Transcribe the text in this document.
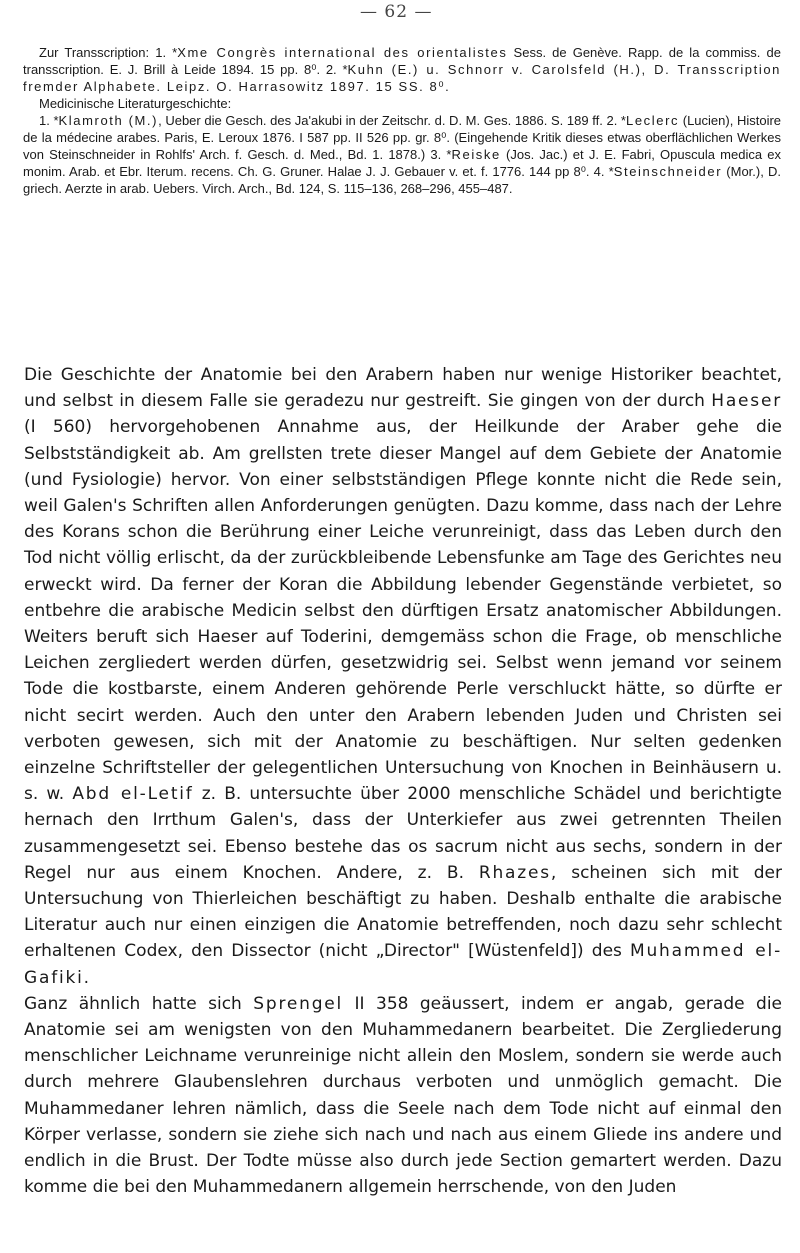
— 62 —

Zur Transscription: 1. *Xme Congrès international des orientalistes Sess. de Genève. Rapp. de la commiss. de transscription. E. J. Brill à Leide 1894. 15 pp. 8⁰. 2. *Kuhn (E.) u. Schnorr v. Carolsfeld (H.), D. Transscription fremder Alphabete. Leipz. O. Harrasowitz 1897. 15 SS. 8⁰.

Medicinische Literaturgeschichte:

1. *Klamroth (M.), Ueber die Gesch. des Ja'akubi in der Zeitschr. d. D. M. Ges. 1886. S. 189 ff. 2. *Leclerc (Lucien), Histoire de la médecine arabes. Paris, E. Leroux 1876. I 587 pp. II 526 pp. gr. 8⁰. (Eingehende Kritik dieses etwas oberflächlichen Werkes von Steinschneider in Rohlfs' Arch. f. Gesch. d. Med., Bd. 1. 1878.) 3. *Reiske (Jos. Jac.) et J. E. Fabri, Opuscula medica ex monim. Arab. et Ebr. Iterum. recens. Ch. G. Gruner. Halae J. J. Gebauer v. et. f. 1776. 144 pp 8⁰. 4. *Steinschneider (Mor.), D. griech. Aerzte in arab. Uebers. Virch. Arch., Bd. 124, S. 115–136, 268–296, 455–487.

Die Geschichte der Anatomie bei den Arabern haben nur wenige Historiker beachtet, und selbst in diesem Falle sie geradezu nur gestreift. Sie gingen von der durch Haeser (I 560) hervorgehobenen Annahme aus, der Heilkunde der Araber gehe die Selbstständigkeit ab. Am grellsten trete dieser Mangel auf dem Gebiete der Anatomie (und Fysiologie) hervor. Von einer selbstständigen Pflege konnte nicht die Rede sein, weil Galen's Schriften allen Anforderungen genügten. Dazu komme, dass nach der Lehre des Korans schon die Berührung einer Leiche verunreinigt, dass das Leben durch den Tod nicht völlig erlischt, da der zurückbleibende Lebensfunke am Tage des Gerichtes neu erweckt wird. Da ferner der Koran die Abbildung lebender Gegenstände verbietet, so entbehre die arabische Medicin selbst den dürftigen Ersatz anatomischer Abbildungen. Weiters beruft sich Haeser auf Toderini, demgemäss schon die Frage, ob menschliche Leichen zergliedert werden dürfen, gesetzwidrig sei. Selbst wenn jemand vor seinem Tode die kostbarste, einem Anderen gehörende Perle verschluckt hätte, so dürfte er nicht secirt werden. Auch den unter den Arabern lebenden Juden und Christen sei verboten gewesen, sich mit der Anatomie zu beschäftigen. Nur selten gedenken einzelne Schriftsteller der gelegentlichen Untersuchung von Knochen in Beinhäusern u. s. w. Abd el-Letif z. B. untersuchte über 2000 menschliche Schädel und berichtigte hernach den Irrthum Galen's, dass der Unterkiefer aus zwei getrennten Theilen zusammengesetzt sei. Ebenso bestehe das os sacrum nicht aus sechs, sondern in der Regel nur aus einem Knochen. Andere, z. B. Rhazes, scheinen sich mit der Untersuchung von Thierleichen beschäftigt zu haben. Deshalb enthalte die arabische Literatur auch nur einen einzigen die Anatomie betreffenden, noch dazu sehr schlecht erhaltenen Codex, den Dissector (nicht „Director" [Wüstenfeld]) des Muhammed el-Gafiki.

Ganz ähnlich hatte sich Sprengel II 358 geäussert, indem er angab, gerade die Anatomie sei am wenigsten von den Muhammedanern bearbeitet. Die Zergliederung menschlicher Leichname verunreinige nicht allein den Moslem, sondern sie werde auch durch mehrere Glaubenslehren durchaus verboten und unmöglich gemacht. Die Muhammedaner lehren nämlich, dass die Seele nach dem Tode nicht auf einmal den Körper verlasse, sondern sie ziehe sich nach und nach aus einem Gliede ins andere und endlich in die Brust. Der Todte müsse also durch jede Section gemartert werden. Dazu komme die bei den Muhammedanern allgemein herrschende, von den Juden
